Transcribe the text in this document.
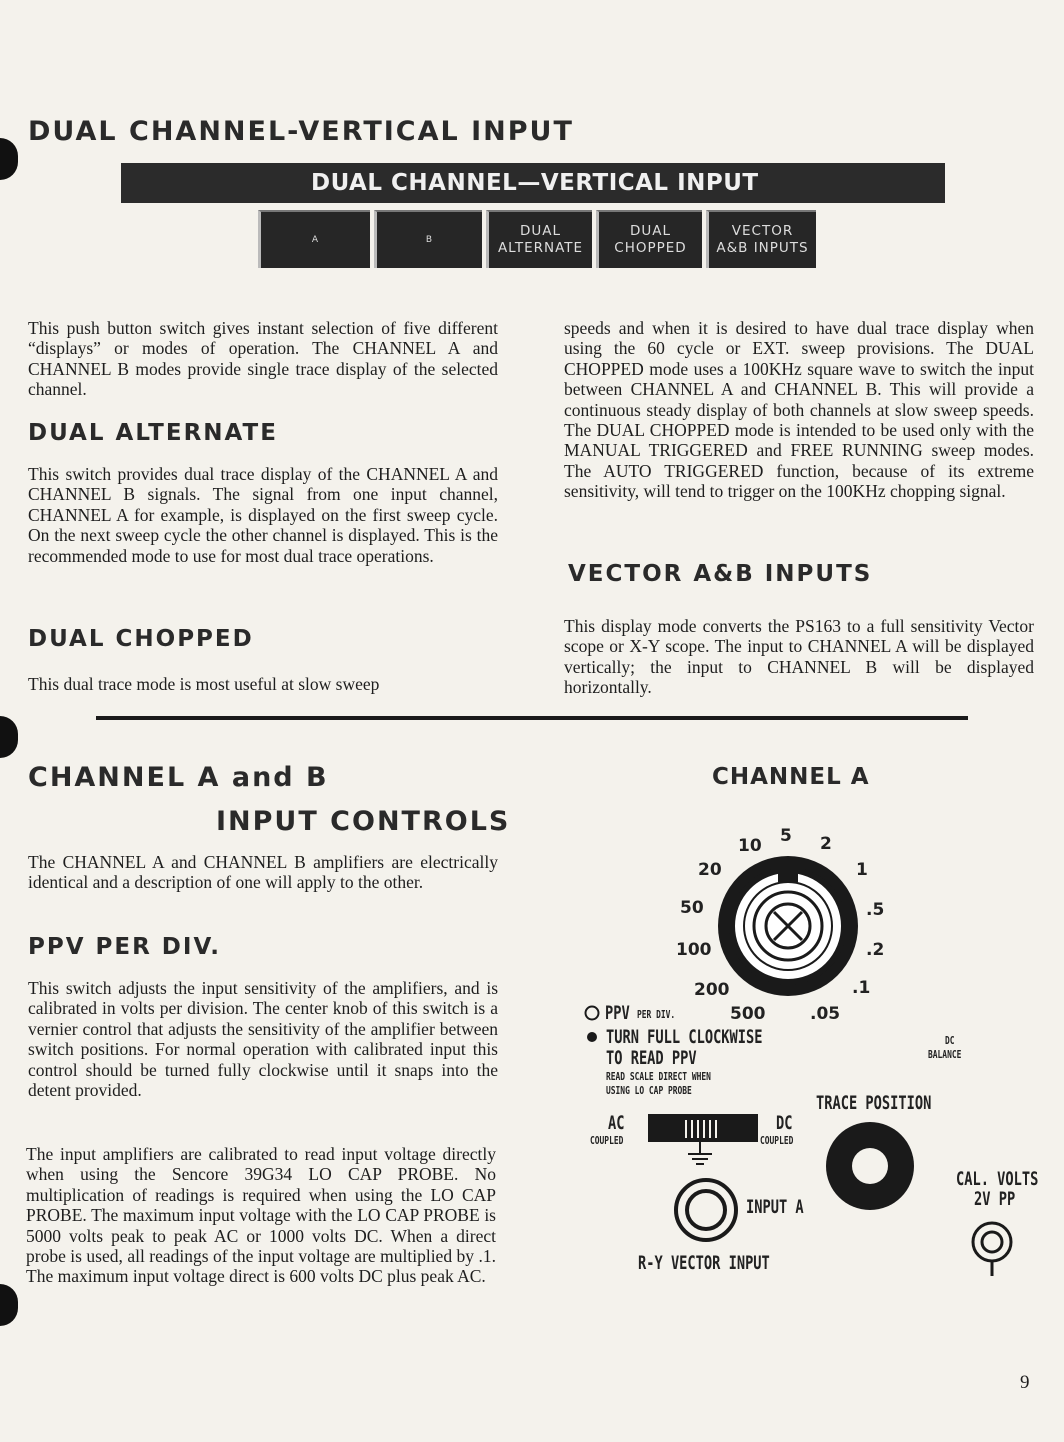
DUAL CHANNEL-VERTICAL INPUT
DUAL CHANNEL—VERTICAL INPUT
A	B
DUAL
ALTERNATE
DUAL
CHOPPED
VECTOR
A&B INPUTS

This push button switch gives instant selection of five different “displays” or modes of operation. The CHANNEL A and CHANNEL B modes provide single trace display of the selected channel.

DUAL ALTERNATE

This switch provides dual trace display of the CHANNEL A and CHANNEL B signals. The signal from one input channel, CHANNEL A for example, is displayed on the first sweep cycle. On the next sweep cycle the other channel is displayed. This is the recommended mode to use for most dual trace operations.

DUAL CHOPPED

This dual trace mode is most useful at slow sweep

speeds and when it is desired to have dual trace display when using the 60 cycle or EXT. sweep provisions. The DUAL CHOPPED mode uses a 100KHz square wave to switch the input between CHANNEL A and CHANNEL B. This will provide a continuous steady display of both channels at slow sweep speeds. The DUAL CHOPPED mode is intended to be used only with the MANUAL TRIGGERED and FREE RUNNING sweep modes. The AUTO TRIGGERED function, because of its extreme sensitivity, will tend to trigger on the 100KHz chopping signal.

VECTOR A&B INPUTS

This display mode converts the PS163 to a full sensitivity Vector scope or X-Y scope. The input to CHANNEL A will be displayed vertically; the input to CHANNEL B will be displayed horizontally.

CHANNEL A and B
INPUT CONTROLS

The CHANNEL A and CHANNEL B amplifiers are electrically identical and a description of one will apply to the other.

PPV PER DIV.

This switch adjusts the input sensitivity of the amplifiers, and is calibrated in volts per division. The center knob of this switch is a vernier control that adjusts the sensitivity of the amplifier between switch positions. For normal operation with calibrated input this control should be turned fully clockwise until it snaps into the detent provided.

The input amplifiers are calibrated to read input voltage directly when using the Sencore 39G34 LO CAP PROBE. No multiplication of readings is required when using the LO CAP PROBE. The maximum input voltage with the LO CAP PROBE is 5000 volts peak to peak AC or 1000 volts DC. When a direct probe is used, all readings of the input voltage are multiplied by .1. The maximum input voltage direct is 600 volts DC plus peak AC.

CHANNEL A
10 5 2
20	1
50	.5
100	.2
200	.1
500	.05
PPV PER DIV.
TURN FULL CLOCKWISE
TO READ PPV
READ SCALE DIRECT WHEN
USING LO CAP PROBE
DC
BALANCE
TRACE POSITION
AC
COUPLED
DC
COUPLED
INPUT A
CAL. VOLTS
2V PP
R-Y VECTOR INPUT
9
